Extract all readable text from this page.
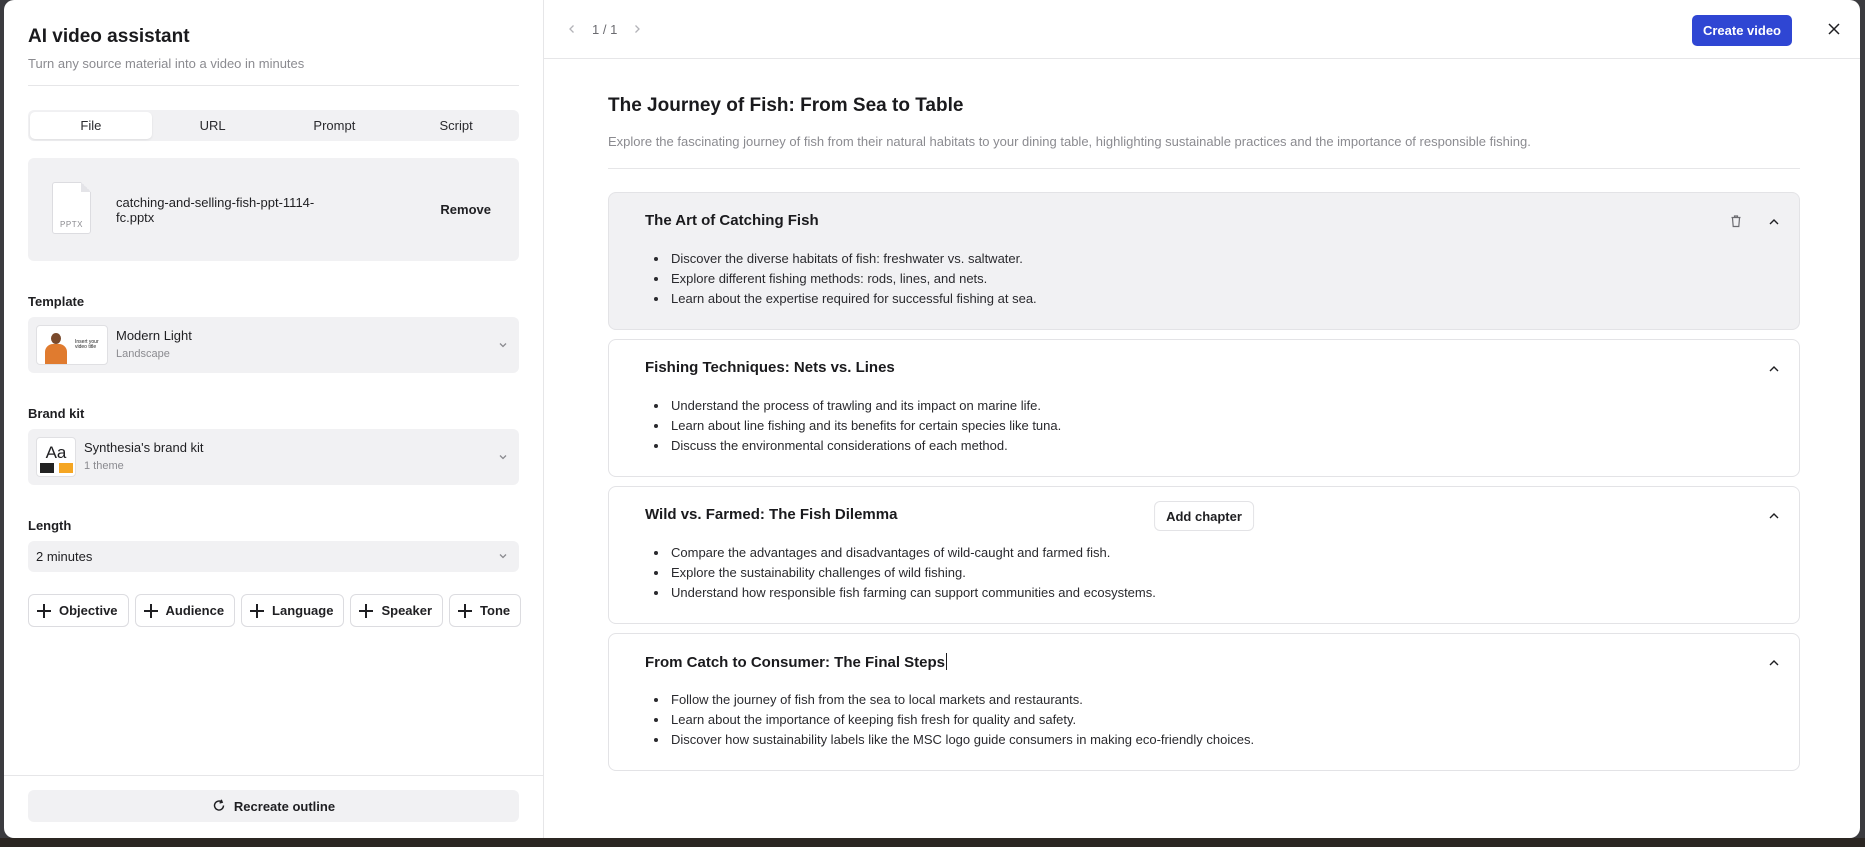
AI video assistant
Turn any source material into a video in minutes
File	URL	Prompt	Script
PPTX
catching-and-selling-fish-ppt-1114-fc.pptx
Remove
Template
Insert your video title
Modern Light
Landscape
Brand kit
Aa	Synthesia's brand kit
1 theme
Length
2 minutes
Objective	Audience	Language	Speaker	Tone
Recreate outline
1 / 1	Create video
The Journey of Fish: From Sea to Table
Explore the fascinating journey of fish from their natural habitats to your dining table, highlighting sustainable practices and the importance of responsible fishing.
The Art of Catching Fish
• Discover the diverse habitats of fish: freshwater vs. saltwater.
• Explore different fishing methods: rods, lines, and nets.
• Learn about the expertise required for successful fishing at sea.
Add chapter
Fishing Techniques: Nets vs. Lines
• Understand the process of trawling and its impact on marine life.
• Learn about line fishing and its benefits for certain species like tuna.
• Discuss the environmental considerations of each method.
Wild vs. Farmed: The Fish Dilemma
• Compare the advantages and disadvantages of wild-caught and farmed fish.
• Explore the sustainability challenges of wild fishing.
• Understand how responsible fish farming can support communities and ecosystems.
From Catch to Consumer: The Final Steps
• Follow the journey of fish from the sea to local markets and restaurants.
• Learn about the importance of keeping fish fresh for quality and safety.
• Discover how sustainability labels like the MSC logo guide consumers in making eco-friendly choices.
